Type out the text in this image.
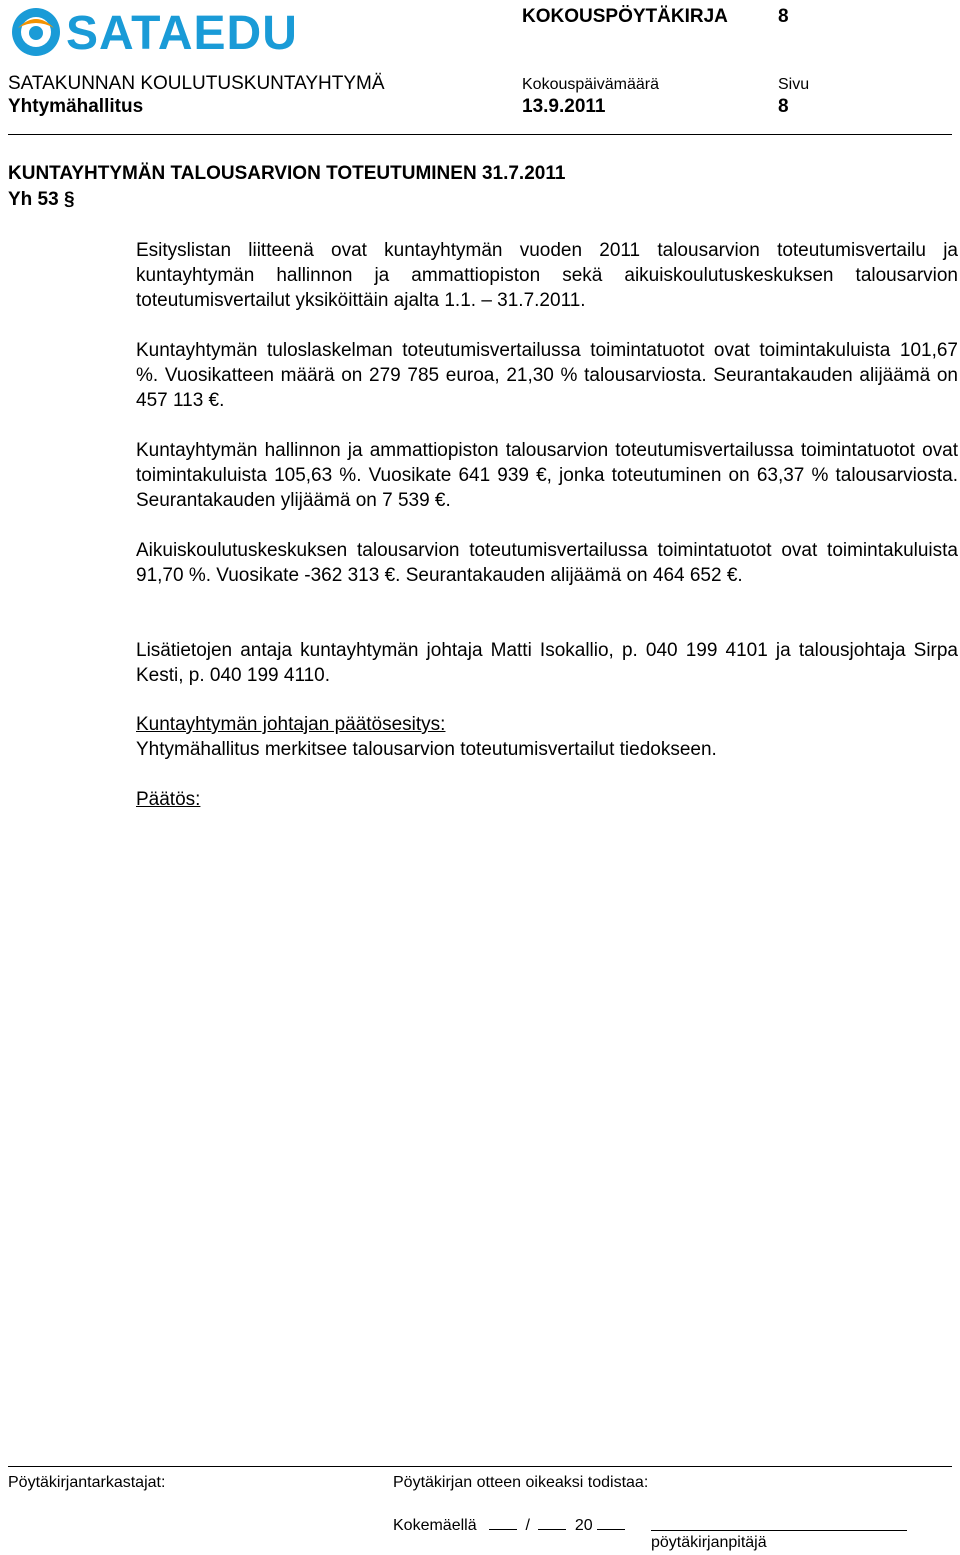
SATAEDU	KOKOUSPÖYTÄKIRJA	8
SATAKUNNAN KOULUTUSKUNTAYHTYMÄ	Kokouspäivämäärä	Sivu
Yhtymähallitus	13.9.2011	8
KUNTAYHTYMÄN TALOUSARVION TOTEUTUMINEN 31.7.2011
Yh 53 §
Esityslistan liitteenä ovat kuntayhtymän vuoden 2011 talousarvion toteutumisvertailu ja kuntayhtymän hallinnon ja ammattiopiston sekä aikuiskoulutuskeskuksen talousarvion toteutumisvertailut yksiköittäin ajalta 1.1. – 31.7.2011.
Kuntayhtymän tuloslaskelman toteutumisvertailussa toimintatuotot ovat toimintakuluista 101,67 %. Vuosikatteen määrä on 279 785 euroa, 21,30 % talousarviosta. Seurantakauden alijäämä on 457 113 €.
Kuntayhtymän hallinnon ja ammattiopiston talousarvion toteutumisvertailussa toimintatuotot ovat toimintakuluista 105,63 %. Vuosikate 641 939 €, jonka toteutuminen on 63,37 % talousarviosta. Seurantakauden ylijäämä on 7 539 €.
Aikuiskoulutuskeskuksen talousarvion toteutumisvertailussa toimintatuotot ovat toimintakuluista 91,70 %. Vuosikate -362 313 €. Seurantakauden alijäämä on 464 652 €.
Lisätietojen antaja kuntayhtymän johtaja Matti Isokallio, p. 040 199 4101 ja talousjohtaja Sirpa Kesti, p. 040 199 4110.
Kuntayhtymän johtajan päätösesitys:
Yhtymähallitus merkitsee talousarvion toteutumisvertailut tiedokseen.
Päätös:
Pöytäkirjantarkastajat:	Pöytäkirjan otteen oikeaksi todistaa:
Kokemäellä	/	20
pöytäkirjanpitäjä
